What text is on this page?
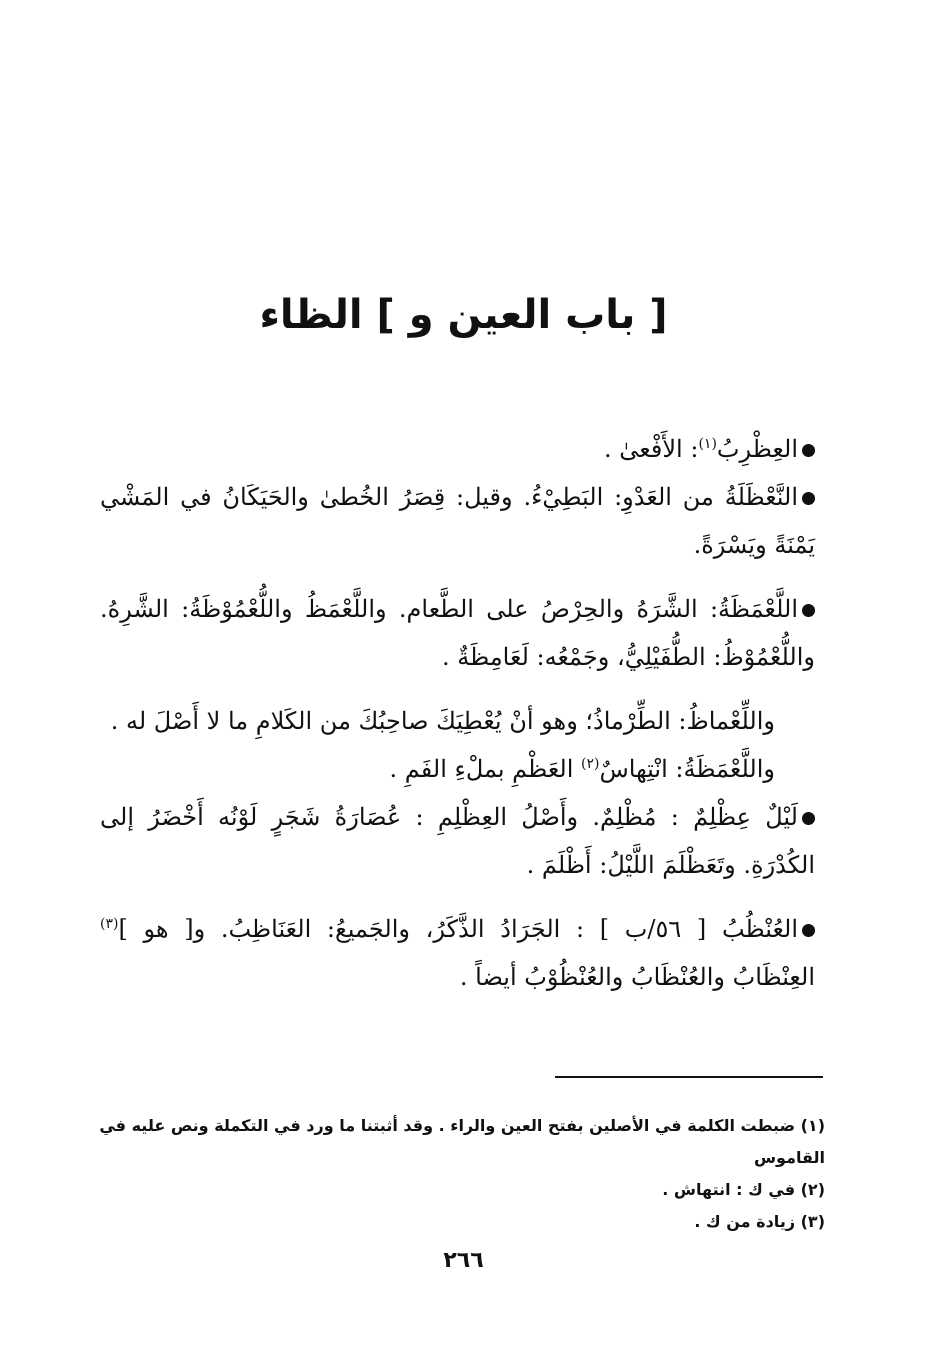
[ باب العين و ] الظاء

العِظْرِبُ$^{(١)}$: الأَفْعىٰ .

النَّعْظَلَةُ من العَدْوِ: البَطِيْءُ. وقيل: قِصَرُ الخُطىٰ والحَيَكَانُ في المَشْي يَمْنَةً ويَسْرَةً.

اللَّعْمَظَةُ: الشَّرَهُ والحِرْصُ على الطَّعام. واللَّعْمَظُ واللُّعْمُوْظَةُ: الشَّرِهُ. واللُّعْمُوْظُ: الطُّفَيْلِيُّ، وجَمْعُه: لَعَامِظَةٌ .

واللِّعْماظُ: الطِّرْماذُ؛ وهو أنْ يُعْطِيَكَ صاحِبُكَ من الكَلامِ ما لا أَصْلَ له .

واللَّعْمَظَةُ: انْتِهاسٌ$^{(٢)}$ العَظْمِ بملْءِ الفَمِ .

لَيْلٌ عِظْلِمٌ : مُظْلِمٌ. وأَصْلُ العِظْلِمِ : عُصَارَةُ شَجَرٍ لَوْنُه أَخْضَرُ إلى الكُدْرَةِ. وتَعَظْلَمَ اللَّيْلُ: أَظْلَمَ .

العُنْظُبُ [ ٥٦/ب ] : الجَرَادُ الذَّكَرُ، والجَميعُ: العَنَاظِبُ. و[ هو ]$^{(٣)}$ العِنْظَابُ والعُنْظَابُ والعُنْظُوْبُ أيضاً .

(١) ضبطت الكلمة في الأصلين بفتح العين والراء . وقد أثبتنا ما ورد في التكملة ونص عليه في القاموس

(٢) في ك : انتهاش .

(٣) زيادة من ك .

٢٦٦
